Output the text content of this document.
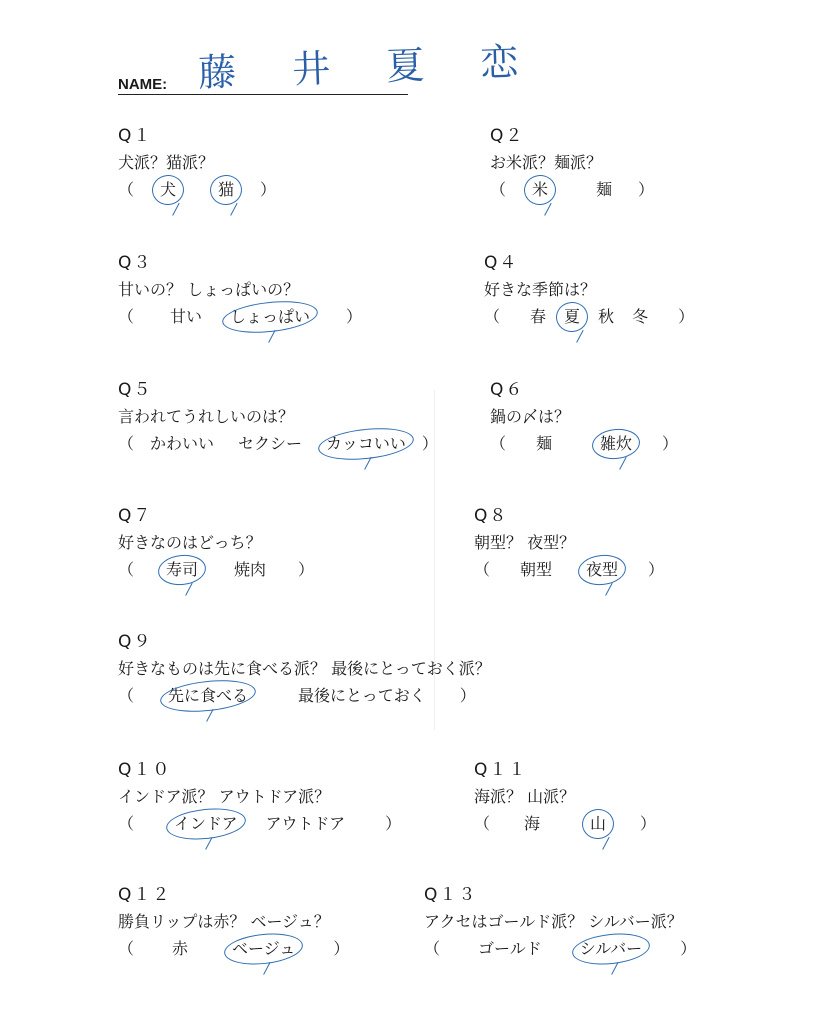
藤 井 夏 恋
NAME:
Q１
犬派？猫派？
（ 犬	猫 ）
Q２
お米派？麺派？
（ 米	麺 ）
Q３
甘いの？ しょっぱいの？
（ 甘い しょっぱい ）
Q４
好きな季節は？
（ 春 夏 秋 冬 ）
Q５
言われてうれしいのは？
（ かわいい セクシー カッコいい ）
Q６
鍋の〆は？
（ 麺	雑炊 ）
Q７
好きなのはどっち？
（ 寿司 焼肉 ）
Q８
朝型？ 夜型？
（ 朝型 夜型 ）
Q９
好きなものは先に食べる派？ 最後にとっておく派？
（ 先に食べる	最後にとっておく ）
Q１０
インドア派？ アウトドア派？
（	インドア アウトドア	）
Q１１
海派？ 山派？
（ 海	山 ）
Q１２
勝負リップは赤？ ベージュ？
（ 赤	ベージュ ）
Q１３
アクセはゴールド派？ シルバー派？
（ ゴールド シルバー ）
